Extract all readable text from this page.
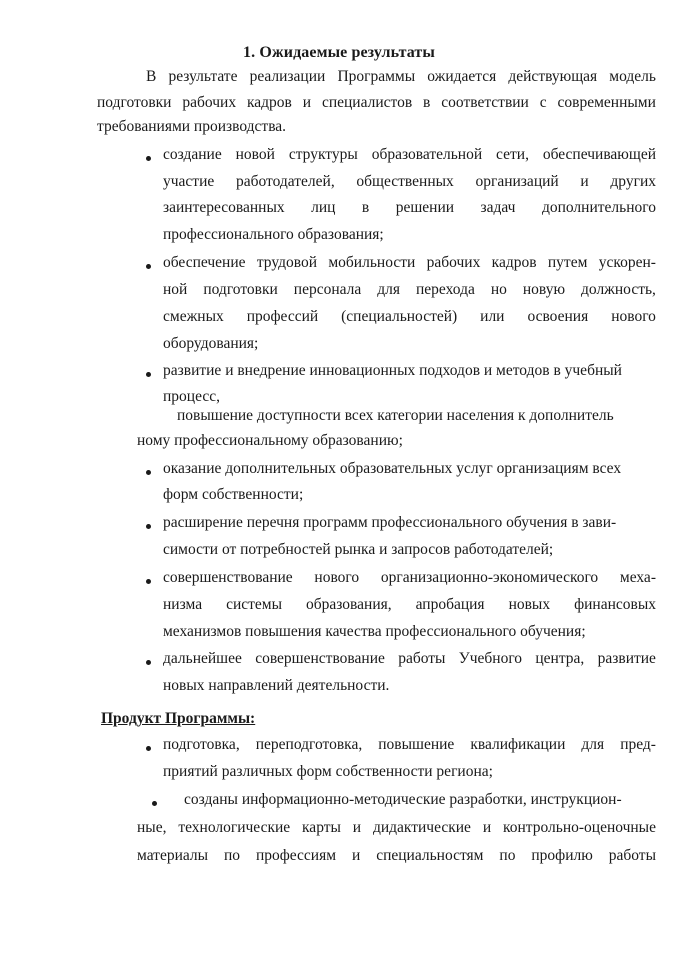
1. Ожидаемые результаты
В результате реализации Программы ожидается действующая модель
подготовки рабочих кадров и специалистов в соответствии с современными
требованиями производства.
создание новой структуры образовательной сети, обеспечивающей
участие работодателей, общественных организаций и других
заинтересованных лиц в решении задач дополнительного
профессионального образования;
обеспечение трудовой мобильности рабочих кадров путем ускорен-
ной подготовки персонала для перехода но новую должность,
смежных профессий (специальностей) или освоения нового
оборудования;
развитие и внедрение инновационных подходов и методов в учебный
процесс,
повышение доступности всех категории населения к дополнитель
ному профессиональному образованию;
оказание дополнительных образовательных услуг организациям всех
форм собственности;
расширение перечня программ профессионального обучения в зави-
симости от потребностей рынка и запросов работодателей;
совершенствование нового организационно-экономического меха-
низма системы образования, апробация новых финансовых
механизмов повышения качества профессионального обучения;
дальнейшее совершенствование работы Учебного центра, развитие
новых направлений деятельности.
Продукт Программы:
подготовка, переподготовка, повышение квалификации для пред-
приятий различных форм собственности региона;
созданы информационно-методические разработки, инструкцион-
ные, технологические карты и дидактические и контрольно-оценочные
материалы по профессиям и специальностям по профилю работы
